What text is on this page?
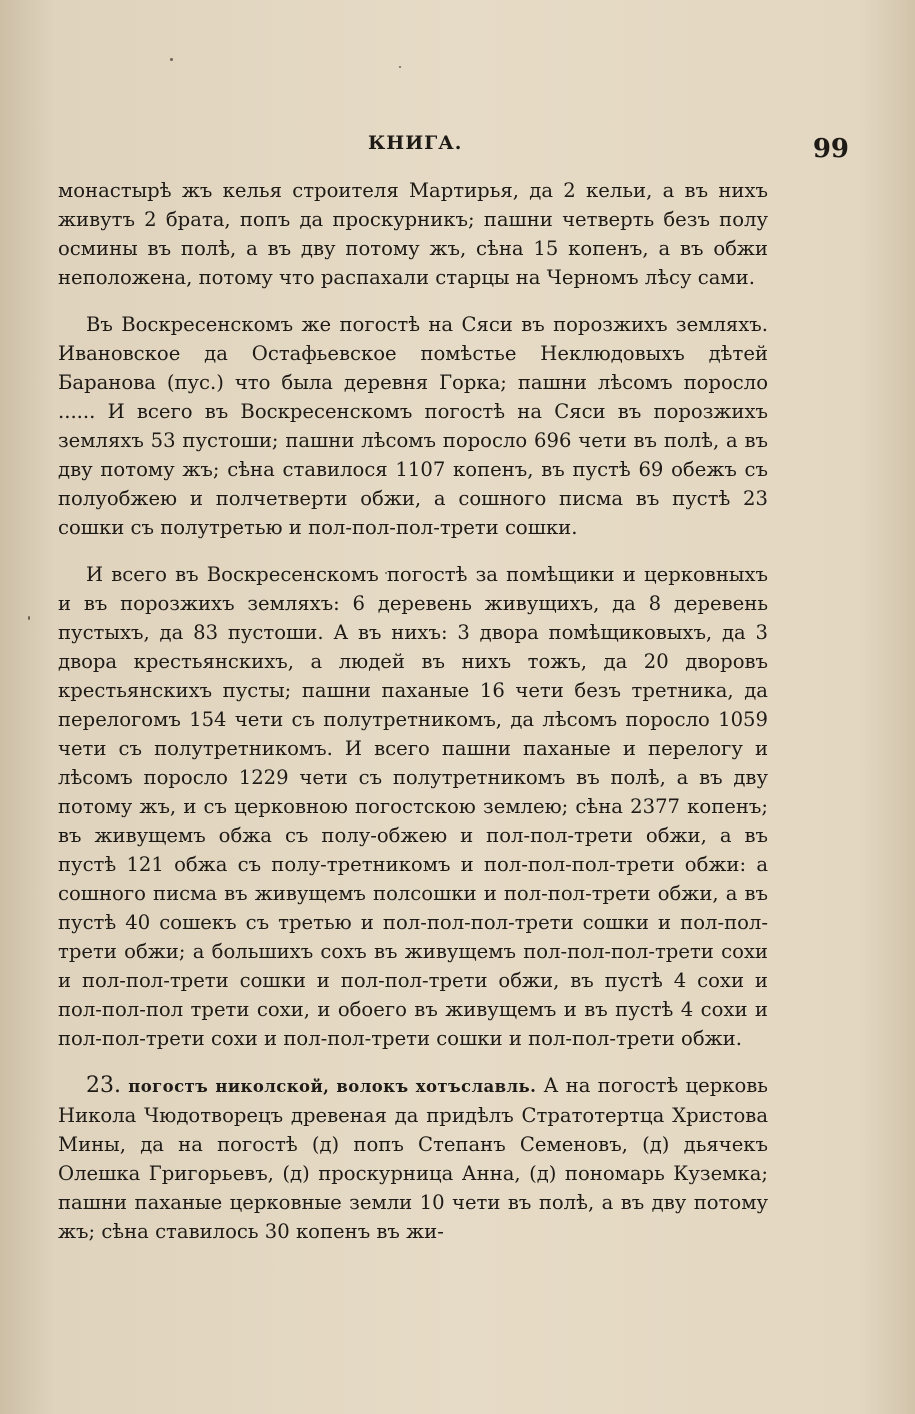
КНИГА.	99

монастырѣ жъ келья строителя Мартирья, да 2 кельи, а въ нихъ живутъ 2 брата, попъ да проскурникъ; пашни четверть безъ полу осмины въ полѣ, а въ дву потому жъ, сѣна 15 копенъ, а въ обжи неположена, потому что распахали старцы на Черномъ лѣсу сами.

Въ Воскресенскомъ же погостѣ на Сяси въ порозжихъ земляхъ. Ивановское да Остафьевское помѣстье Неклюдовыхъ дѣтей Баранова (пус.) что была деревня Горка; пашни лѣсомъ поросло ...... И всего въ Воскресенскомъ погостѣ на Сяси въ порозжихъ земляхъ 53 пустоши; пашни лѣсомъ поросло 696 чети въ полѣ, а въ дву потому жъ; сѣна ставилося 1107 копенъ, въ пустѣ 69 обежъ съ полуобжею и полчетверти обжи, а сошного писма въ пустѣ 23 сошки съ полутретью и пол-пол-пол-трети сошки.

И всего въ Воскресенскомъ погостѣ за помѣщики и церковныхъ и въ порозжихъ земляхъ: 6 деревень живущихъ, да 8 деревень пустыхъ, да 83 пустоши. А въ нихъ: 3 двора помѣщиковыхъ, да 3 двора крестьянскихъ, а людей въ нихъ тожъ, да 20 дворовъ крестьянскихъ пусты; пашни паханые 16 чети безъ третника, да перелогомъ 154 чети съ полутретникомъ, да лѣсомъ поросло 1059 чети съ полутретникомъ. И всего пашни паханые и перелогу и лѣсомъ поросло 1229 чети съ полутретникомъ въ полѣ, а въ дву потому жъ, и съ церковною погостскою землею; сѣна 2377 копенъ; въ живущемъ обжа съ полу-обжею и пол-пол-трети обжи, а въ пустѣ 121 обжа съ полу-третникомъ и пол-пол-пол-трети обжи: а сошного писма въ живущемъ полсошки и пол-пол-трети обжи, а въ пустѣ 40 сошекъ съ третью и пол-пол-пол-трети сошки и пол-пол-трети обжи; а большихъ сохъ въ живущемъ пол-пол-пол-трети сохи и пол-пол-трети сошки и пол-пол-трети обжи, въ пустѣ 4 сохи и пол-пол-пол трети сохи, и обоего въ живущемъ и въ пустѣ 4 сохи и пол-пол-трети сохи и пол-пол-трети сошки и пол-пол-трети обжи.

23. погостъ николской, волокъ хотъславль. А на погостѣ церковь Никола Чюдотворецъ древеная да придѣлъ Стратотертца Христова Мины, да на погостѣ (д) попъ Степанъ Семеновъ, (д) дьячекъ Олешка Григорьевъ, (д) проскурница Анна, (д) пономарь Куземка; пашни паханые церковные земли 10 чети въ полѣ, а въ дву потому жъ; сѣна ставилось 30 копенъ въ жи-
